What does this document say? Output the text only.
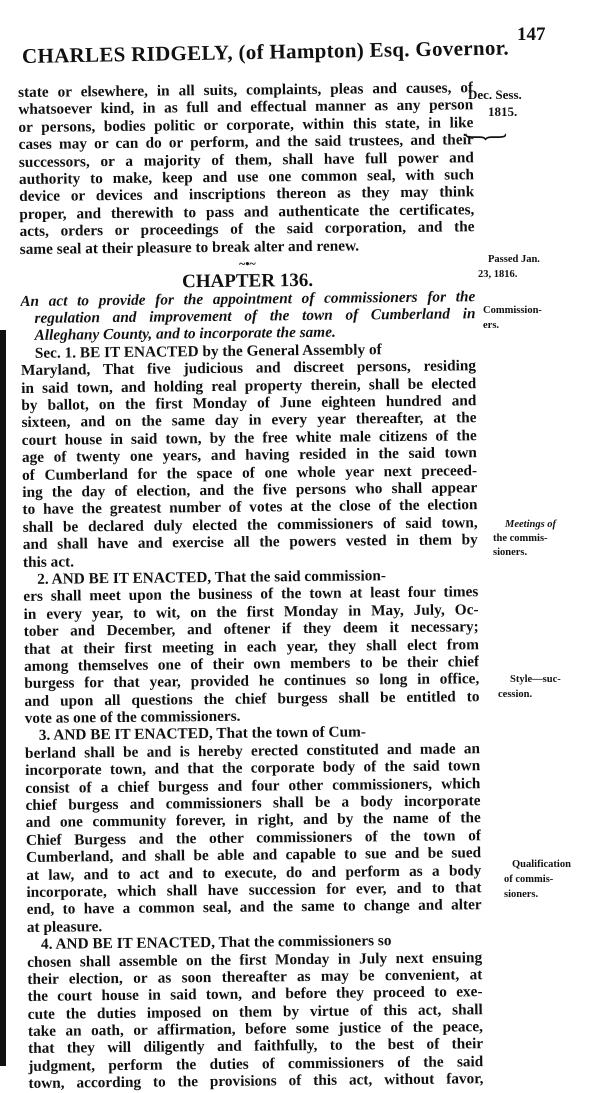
CHARLES RIDGELY, (of Hampton) Esq. Governor.
147
state or elsewhere, in all suits, complaints, pleas and causes, of
whatsoever kind, in as full and effectual manner as any person
or persons, bodies politic or corporate, within this state, in like
cases may or can do or perform, and the said trustees, and their
successors, or a majority of them, shall have full power and
authority to make, keep and use one common seal, with such
device or devices and inscriptions thereon as they may think
proper, and therewith to pass and authenticate the certificates,
acts, orders or proceedings of the said corporation, and the
same seal at their pleasure to break alter and renew.
~•~
CHAPTER 136.
An act to provide for the appointment of commissioners for the
regulation and improvement of the town of Cumberland in
Alleghany County, and to incorporate the same.
Sec. 1. BE IT ENACTED by the General Assembly of
Maryland, That five judicious and discreet persons, residing
in said town, and holding real property therein, shall be elected
by ballot, on the first Monday of June eighteen hundred and
sixteen, and on the same day in every year thereafter, at the
court house in said town, by the free white male citizens of the
age of twenty one years, and having resided in the said town
of Cumberland for the space of one whole year next preceed-
ing the day of election, and the five persons who shall appear
to have the greatest number of votes at the close of the election
shall be declared duly elected the commissioners of said town,
and shall have and exercise all the powers vested in them by
this act.
2. AND BE IT ENACTED, That the said commission-
ers shall meet upon the business of the town at least four times
in every year, to wit, on the first Monday in May, July, Oc-
tober and December, and oftener if they deem it necessary;
that at their first meeting in each year, they shall elect from
among themselves one of their own members to be their chief
burgess for that year, provided he continues so long in office,
and upon all questions the chief burgess shall be entitled to
vote as one of the commissioners.
3. AND BE IT ENACTED, That the town of Cum-
berland shall be and is hereby erected constituted and made an
incorporate town, and that the corporate body of the said town
consist of a chief burgess and four other commissioners, which
chief burgess and commissioners shall be a body incorporate
and one community forever, in right, and by the name of the
Chief Burgess and the other commissioners of the town of
Cumberland, and shall be able and capable to sue and be sued
at law, and to act and to execute, do and perform as a body
incorporate, which shall have succession for ever, and to that
end, to have a common seal, and the same to change and alter
at pleasure.
4. AND BE IT ENACTED, That the commissioners so
chosen shall assemble on the first Monday in July next ensuing
their election, or as soon thereafter as may be convenient, at
the court house in said town, and before they proceed to exe-
cute the duties imposed on them by virtue of this act, shall
take an oath, or affirmation, before some justice of the peace,
that they will diligently and faithfully, to the best of their
judgment, perform the duties of commissioners of the said
town, according to the provisions of this act, without favor,
Dec. Sess.
1815.
}
Passed Jan.
23, 1816.
Commission-
ers.
Meetings of
the commis-
sioners.
Style—suc-
cession.
Qualification
of commis-
sioners.
